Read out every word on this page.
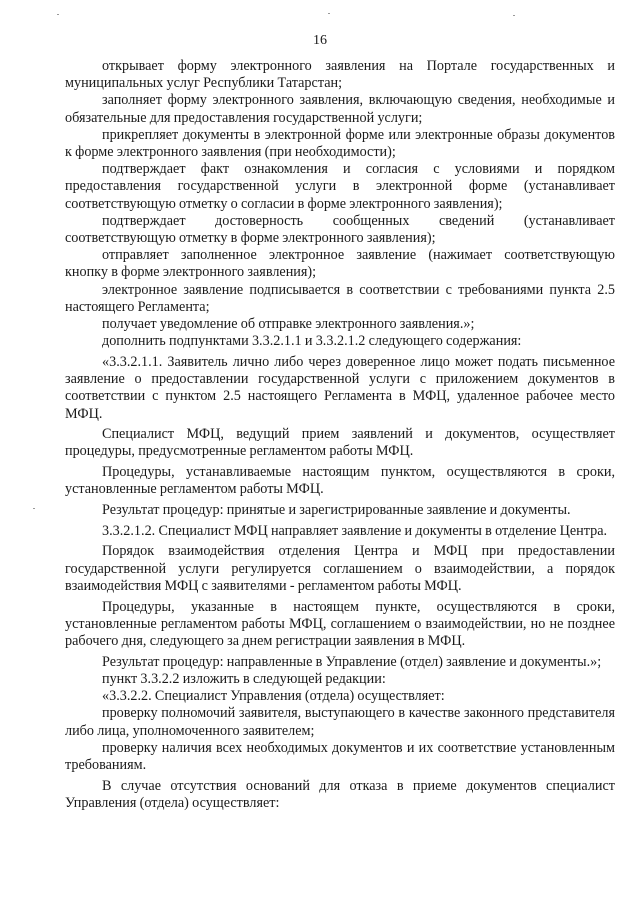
16

открывает форму электронного заявления на Портале государственных и муниципальных услуг Республики Татарстан;

заполняет форму электронного заявления, включающую сведения, необходимые и обязательные для предоставления государственной услуги;

прикрепляет документы в электронной форме или электронные образы документов к форме электронного заявления (при необходимости);

подтверждает факт ознакомления и согласия с условиями и порядком предоставления государственной услуги в электронной форме (устанавливает соответствующую отметку о согласии в форме электронного заявления);

подтверждает достоверность сообщенных сведений (устанавливает соответствующую отметку в форме электронного заявления);

отправляет заполненное электронное заявление (нажимает соответствующую кнопку в форме электронного заявления);

электронное заявление подписывается в соответствии с требованиями пункта 2.5 настоящего Регламента;

получает уведомление об отправке электронного заявления.»;

дополнить подпунктами 3.3.2.1.1 и 3.3.2.1.2 следующего содержания:

«3.3.2.1.1. Заявитель лично либо через доверенное лицо может подать письменное заявление о предоставлении государственной услуги с приложением документов в соответствии с пунктом 2.5 настоящего Регламента в МФЦ, удаленное рабочее место МФЦ.

Специалист МФЦ, ведущий прием заявлений и документов, осуществляет процедуры, предусмотренные регламентом работы МФЦ.

Процедуры, устанавливаемые настоящим пунктом, осуществляются в сроки, установленные регламентом работы МФЦ.

Результат процедур: принятые и зарегистрированные заявление и документы.

3.3.2.1.2. Специалист МФЦ направляет заявление и документы в отделение Центра.

Порядок взаимодействия отделения Центра и МФЦ при предоставлении государственной услуги регулируется соглашением о взаимодействии, а порядок взаимодействия МФЦ с заявителями - регламентом работы МФЦ.

Процедуры, указанные в настоящем пункте, осуществляются в сроки, установленные регламентом работы МФЦ, соглашением о взаимодействии, но не позднее рабочего дня, следующего за днем регистрации заявления в МФЦ.

Результат процедур: направленные в Управление (отдел) заявление и документы.»;

пункт 3.3.2.2 изложить в следующей редакции:

«3.3.2.2. Специалист Управления (отдела) осуществляет:

проверку полномочий заявителя, выступающего в качестве законного представителя либо лица, уполномоченного заявителем;

проверку наличия всех необходимых документов и их соответствие установленным требованиям.

В случае отсутствия оснований для отказа в приеме документов специалист Управления (отдела) осуществляет:
